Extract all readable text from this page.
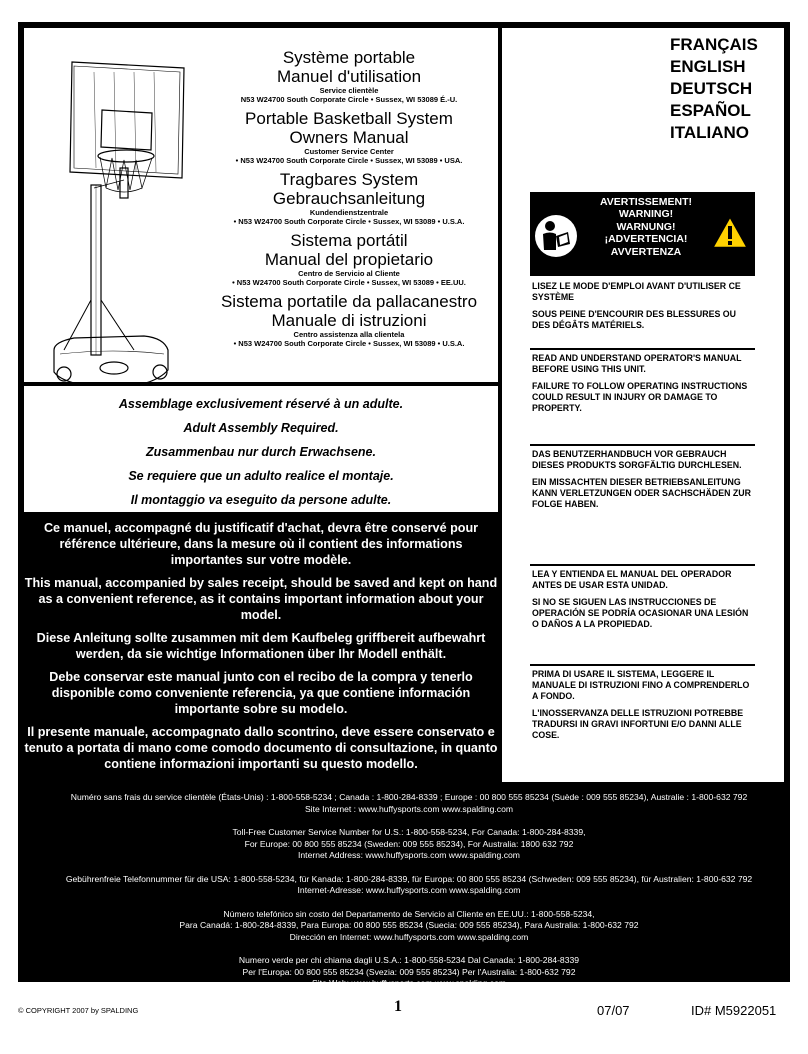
Système portable
Manuel d'utilisation
Service clientèle
N53 W24700 South Corporate Circle • Sussex, WI 53089 É.-U.
Portable Basketball System
Owners Manual
Customer Service Center
• N53 W24700 South Corporate Circle • Sussex, WI 53089 • USA.
Tragbares System
Gebrauchsanleitung
Kundendienstzentrale
• N53 W24700 South Corporate Circle • Sussex, WI 53089 • U.S.A.
Sistema portátil
Manual del propietario
Centro de Servicio al Cliente
• N53 W24700 South Corporate Circle • Sussex, WI 53089 • EE.UU.
Sistema portatile da pallacanestro
Manuale di istruzioni
Centro assistenza alla clientela
• N53 W24700 South Corporate Circle • Sussex, WI 53089 • U.S.A.
Assemblage exclusivement réservé à un adulte.
Adult Assembly Required.
Zusammenbau nur durch Erwachsene.
Se requiere que un adulto realice el montaje.
Il montaggio va eseguito da persone adulte.

Ce manuel, accompagné du justificatif d'achat, devra être conservé pour référence ultérieure, dans la mesure où il contient des informations importantes sur votre modèle.

This manual, accompanied by sales receipt, should be saved and kept on hand as a convenient reference, as it contains important information about your model.

Diese Anleitung sollte zusammen mit dem Kaufbeleg griffbereit aufbewahrt werden, da sie wichtige Informationen über Ihr Modell enthält.

Debe conservar este manual junto con el recibo de la compra y tenerlo disponible como conveniente referencia, ya que contiene información importante sobre su modelo.

Il presente manuale, accompagnato dallo scontrino, deve essere conservato e tenuto a portata di mano come comodo documento di consultazione, in quanto contiene informazioni importanti su questo modello.

FRANÇAIS
ENGLISH
DEUTSCH
ESPAÑOL
ITALIANO
AVERTISSEMENT!
WARNING!
WARNUNG!
¡ADVERTENCIA!
AVVERTENZA

LISEZ LE MODE D'EMPLOI AVANT D'UTILISER CE SYSTÈME

SOUS PEINE D'ENCOURIR DES BLESSURES OU DES DÉGÂTS MATÉRIELS.

READ AND UNDERSTAND OPERATOR'S MANUAL BEFORE USING THIS UNIT.

FAILURE TO FOLLOW OPERATING INSTRUCTIONS COULD RESULT IN INJURY OR DAMAGE TO PROPERTY.

DAS BENUTZERHANDBUCH VOR GEBRAUCH DIESES PRODUKTS SORGFÄLTIG DURCHLESEN.

EIN MISSACHTEN DIESER BETRIEBSANLEITUNG KANN VERLETZUNGEN ODER SACHSCHÄDEN ZUR FOLGE HABEN.

LEA Y ENTIENDA EL MANUAL DEL OPERADOR ANTES DE USAR ESTA UNIDAD.

SI NO SE SIGUEN LAS INSTRUCCIONES DE OPERACIÓN SE PODRÍA OCASIONAR UNA LESIÓN O DAÑOS A LA PROPIEDAD.

PRIMA DI USARE IL SISTEMA, LEGGERE IL MANUALE DI ISTRUZIONI FINO A COMPRENDERLO A FONDO.

L'INOSSERVANZA DELLE ISTRUZIONI POTREBBE TRADURSI IN GRAVI INFORTUNI E/O DANNI ALLE COSE.

Numéro sans frais du service clientèle (États-Unis) : 1-800-558-5234 ; Canada : 1-800-284-8339 ; Europe : 00 800 555 85234 (Suède : 009 555 85234), Australie : 1-800-632 792
Site Internet : www.huffysports.com www.spalding.com

Toll-Free Customer Service Number for U.S.: 1-800-558-5234, For Canada: 1-800-284-8339,
For Europe: 00 800 555 85234 (Sweden: 009 555 85234), For Australia: 1800 632 792
Internet Address: www.huffysports.com www.spalding.com

Gebührenfreie Telefonnummer für die USA: 1-800-558-5234, für Kanada: 1-800-284-8339, für Europa: 00 800 555 85234 (Schweden: 009 555 85234), für Australien: 1-800-632 792
Internet-Adresse: www.huffysports.com www.spalding.com

Número telefónico sin costo del Departamento de Servicio al Cliente en EE.UU.: 1-800-558-5234,
Para Canadá: 1-800-284-8339, Para Europa: 00 800 555 85234 (Suecia: 009 555 85234), Para Australia: 1-800-632 792
Dirección en Internet: www.huffysports.com www.spalding.com

Numero verde per chi chiama dagli U.S.A.: 1-800-558-5234 Dal Canada: 1-800-284-8339
Per l'Europa: 00 800 555 85234 (Svezia: 009 555 85234) Per l'Australia: 1-800-632 792
Sito Web: www.huffysports.com www.spalding.com

© COPYRIGHT 2007 by SPALDING	1	07/07	ID# M5922051
